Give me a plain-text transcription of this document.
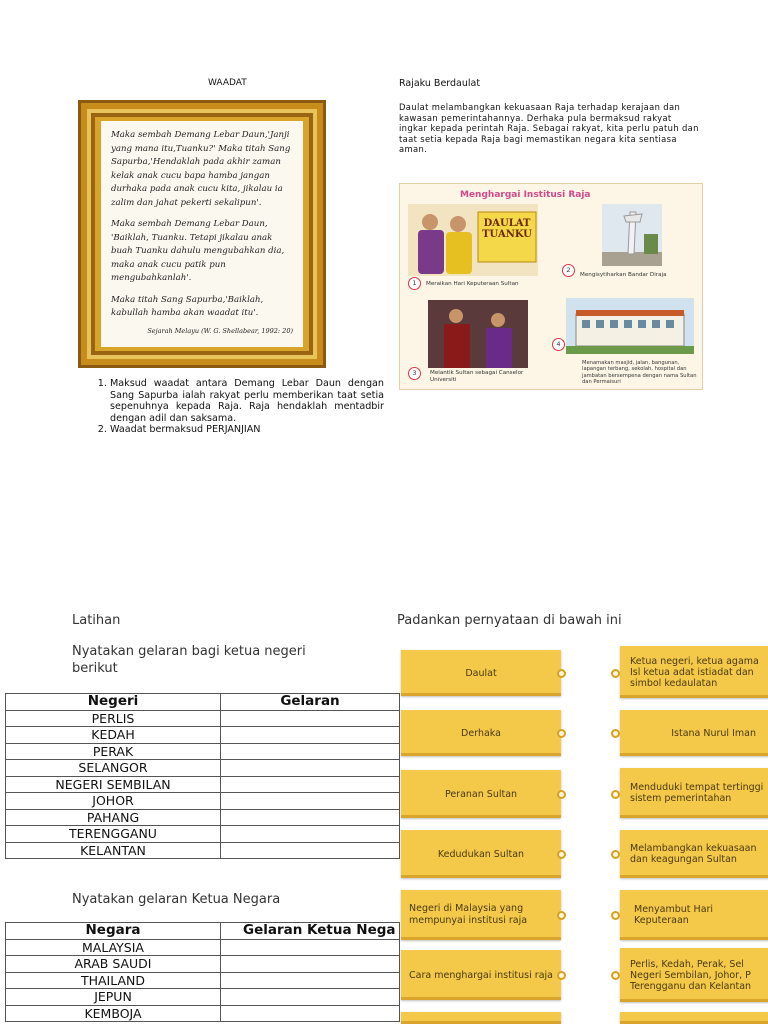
WAADAT

Maka sembah Demang Lebar Daun,'Janji yang mana itu,Tuanku?' Maka titah Sang Sapurba,'Hendaklah pada akhir zaman kelak anak cucu bapa hamba jangan durhaka pada anak cucu kita, jikalau ia zalim dan jahat pekerti sekalipun'.

Maka sembah Demang Lebar Daun, 'Baiklah, Tuanku. Tetapi jikalau anak buah Tuanku dahulu mengubahkan dia, maka anak cucu patik pun mengubahkanlah'.

Maka titah Sang Sapurba,'Baiklah, kabullah hamba akan waadat itu'.

Sejarah Melayu (W. G. Shellabear, 1992: 20)
1. Maksud waadat antara Demang Lebar Daun dengan Sang Sapurba ialah rakyat perlu memberikan taat setia sepenuhnya kepada Raja. Raja hendaklah mentadbir dengan adil dan saksama.
2. Waadat bermaksud PERJANJIAN
Rajaku Berdaulat
Daulat melambangkan kekuasaan Raja terhadap kerajaan dan kawasan pemerintahannya. Derhaka pula bermaksud rakyat ingkar kepada perintah Raja. Sebagai rakyat, kita perlu patuh dan taat setia kepada Raja bagi memastikan negara kita sentiasa aman.
Menghargai Institusi Raja
DAULAT
TUANKU
1	Meraikan Hari Keputeraan Sultan
2
Mengisytiharkan Bandar Diraja
3	Melantik Sultan sebagai Canselor Universiti
4
Menamakan masjid, jalan, bangunan, lapangan terbang, sekolah, hospital dan jambatan bersempena dengan nama Sultan dan Permaisuri
Latihan
Nyatakan gelaran bagi ketua negeri berikut
Negeri	Gelaran
PERLIS	
KEDAH	
PERAK	
SELANGOR	
NEGERI SEMBILAN	
JOHOR	
PAHANG	
TERENGGANU	
KELANTAN	
Nyatakan gelaran Ketua Negara
Negara	Gelaran Ketua Nega
MALAYSIA	
ARAB SAUDI	
THAILAND	
JEPUN	
KEMBOJA	
Padankan pernyataan di bawah ini
Daulat
Derhaka
Peranan Sultan
Kedudukan Sultan
Negeri di Malaysia yang mempunyai institusi raja
Cara menghargai institusi raja
Ketua negeri, ketua agama Isl ketua adat istiadat dan simbol kedaulatan
Istana Nurul Iman
Menduduki tempat tertinggi sistem pemerintahan
Melambangkan kekuasaan dan keagungan Sultan
Menyambut Hari Keputeraan
Perlis, Kedah, Perak, Sel Negeri Sembilan, Johor, P Terengganu dan Kelantan
